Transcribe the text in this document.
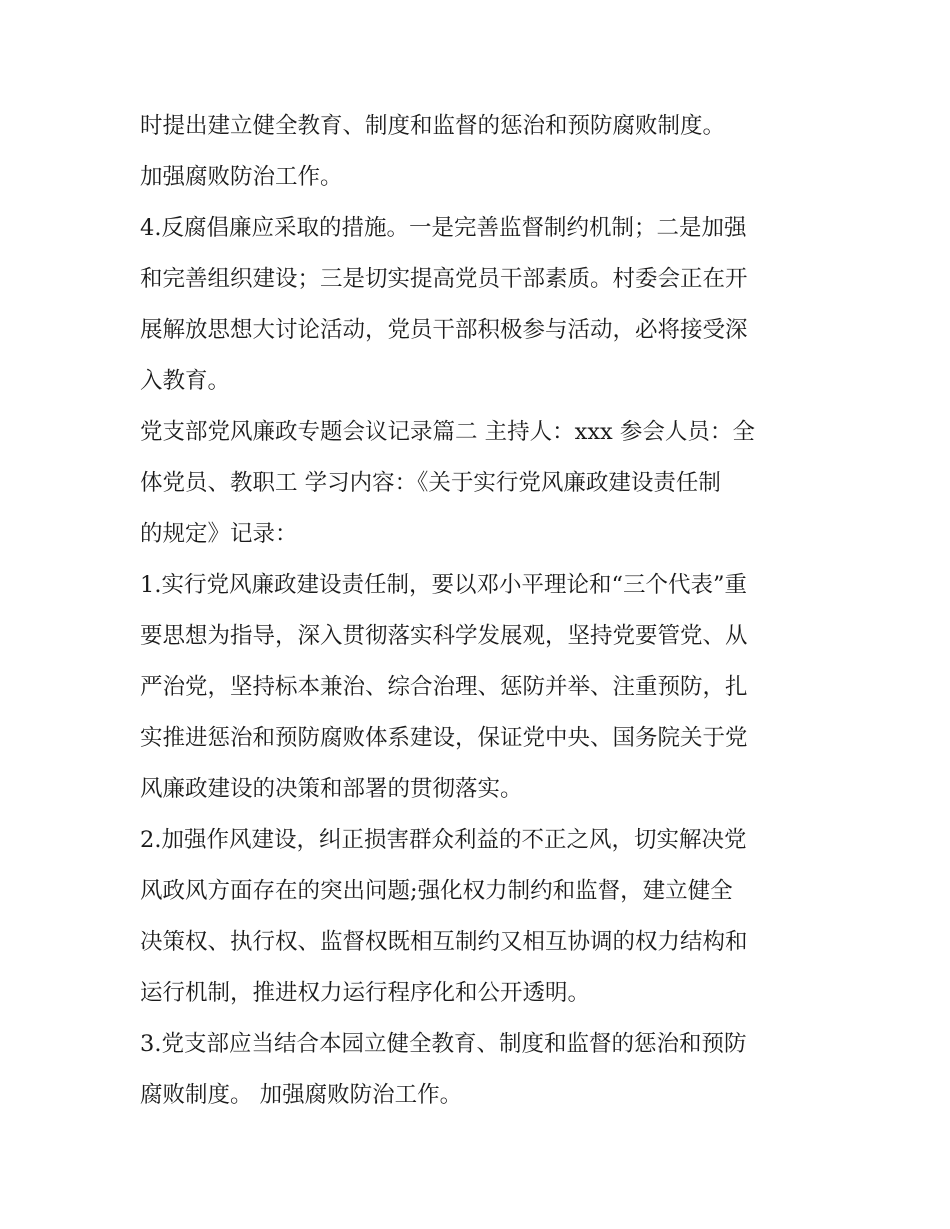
时提出建立健全教育、制度和监督的惩治和预防腐败制度。
加强腐败防治工作。
4.反腐倡廉应采取的措施。一是完善监督制约机制；二是加强
和完善组织建设；三是切实提高党员干部素质。村委会正在开
展解放思想大讨论活动，党员干部积极参与活动，必将接受深
入教育。
党支部党风廉政专题会议记录篇二 主持人：xxx 参会人员：全
体党员、教职工 学习内容：《关于实行党风廉政建设责任制
的规定》记录：
1.实行党风廉政建设责任制，要以邓小平理论和“三个代表”重
要思想为指导，深入贯彻落实科学发展观，坚持党要管党、从
严治党，坚持标本兼治、综合治理、惩防并举、注重预防，扎
实推进惩治和预防腐败体系建设，保证党中央、国务院关于党
风廉政建设的决策和部署的贯彻落实。
2.加强作风建设，纠正损害群众利益的不正之风，切实解决党
风政风方面存在的突出问题;强化权力制约和监督，建立健全
决策权、执行权、监督权既相互制约又相互协调的权力结构和
运行机制，推进权力运行程序化和公开透明。
3.党支部应当结合本园立健全教育、制度和监督的惩治和预防
腐败制度。 加强腐败防治工作。
